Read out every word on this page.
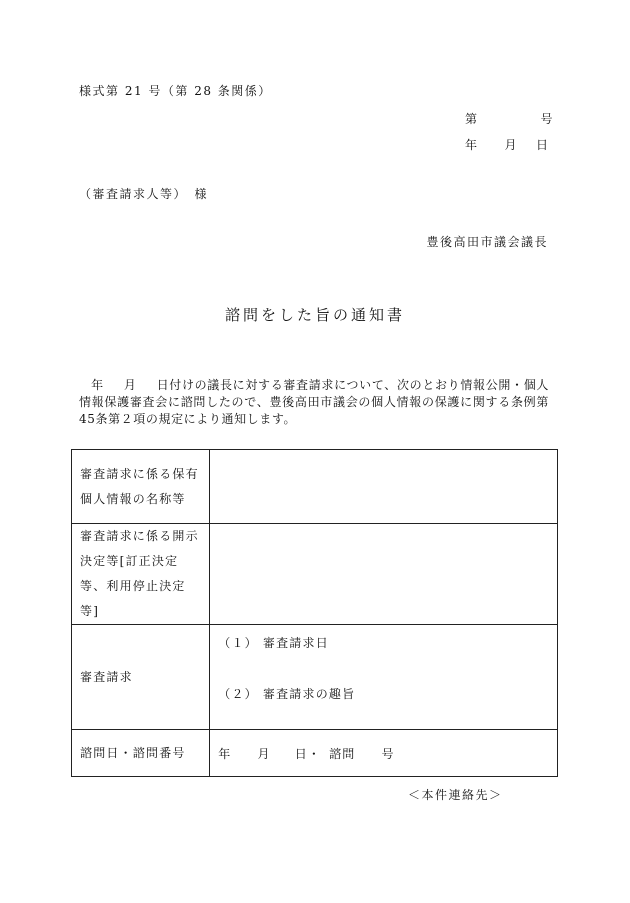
様式第 21 号（第 28 条関係）
第	号
年 月 日
（審査請求人等）　様
豊後高田市議会議長
諮問をした旨の通知書
年 月 日付けの議長に対する審査請求について、次のとおり情報公開・個人情報保護審査会に諮問したので、豊後高田市議会の個人情報の保護に関する条例第45条第２項の規定により通知します。
審査請求に係る保有個人情報の名称等	
審査請求に係る開示決定等[訂正決定等、利用停止決定等]	
審査請求	（１） 審査請求日
（２） 審査請求の趣旨

諮問日・諮問番号	年 月 日・ 諮問 号
＜本件連絡先＞
